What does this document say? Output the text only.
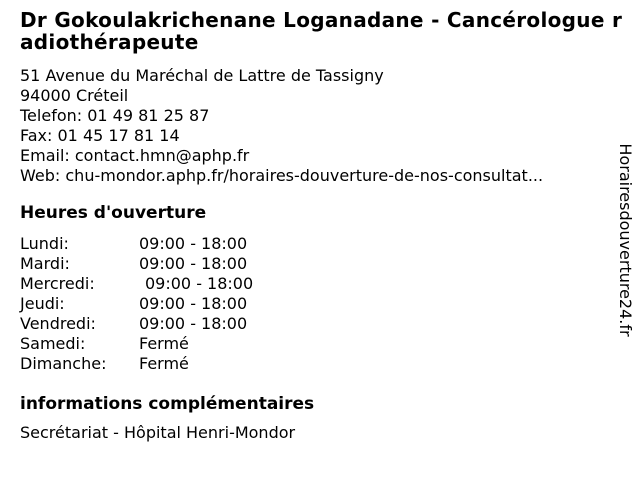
Dr Gokoulakrichenane Loganadane - Cancérologue r
adiothérapeute
51 Avenue du Maréchal de Lattre de Tassigny
94000 Créteil
Telefon: 01 49 81 25 87
Fax: 01 45 17 81 14
Email: contact.hmn@aphp.fr
Web: chu-mondor.aphp.fr/horaires-douverture-de-nos-consultat...
Heures d'ouverture
Lundi:	09:00 - 18:00
Mardi:	09:00 - 18:00
Mercredi:	09:00 - 18:00
Jeudi:	09:00 - 18:00
Vendredi:	09:00 - 18:00
Samedi:	Fermé
Dimanche:	Fermé
informations complémentaires
Secrétariat - Hôpital Henri-Mondor
Horairesdouverture24.fr
